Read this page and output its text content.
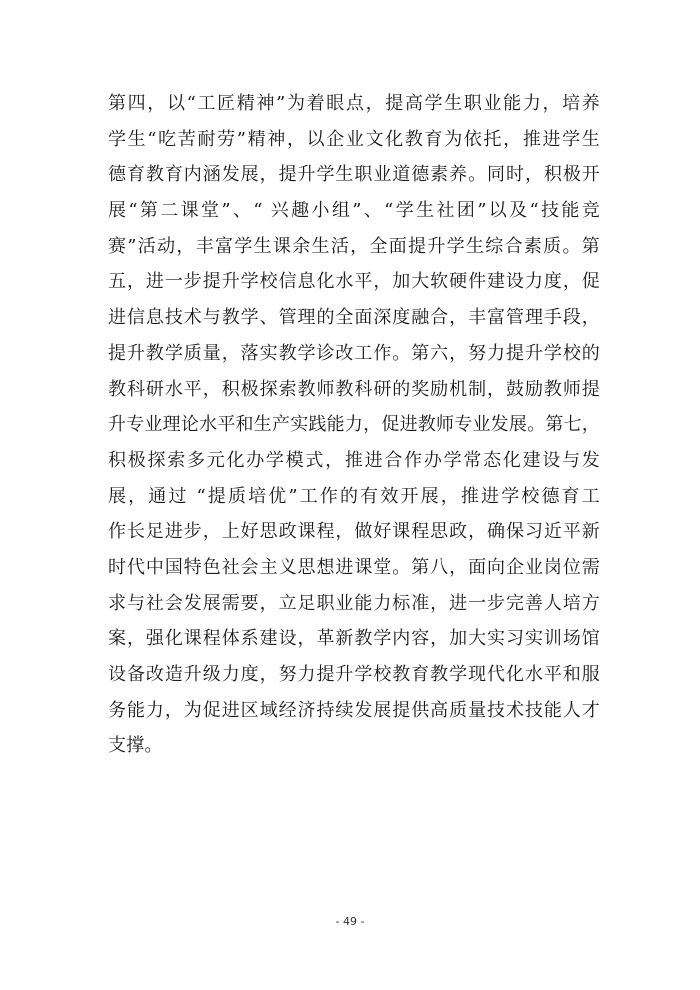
第四，以“工匠精神”为着眼点，提高学生职业能力，培养
学生“吃苦耐劳”精神，以企业文化教育为依托，推进学生
德育教育内涵发展，提升学生职业道德素养。同时，积极开
展“第二课堂”、“ 兴趣小组”、“学生社团”以及“技能竞
赛”活动，丰富学生课余生活，全面提升学生综合素质。第
五，进一步提升学校信息化水平，加大软硬件建设力度，促
进信息技术与教学、管理的全面深度融合，丰富管理手段，
提升教学质量，落实教学诊改工作。第六，努力提升学校的
教科研水平，积极探索教师教科研的奖励机制，鼓励教师提
升专业理论水平和生产实践能力，促进教师专业发展。第七，
积极探索多元化办学模式，推进合作办学常态化建设与发
展，通过 “提质培优”工作的有效开展，推进学校德育工
作长足进步，上好思政课程，做好课程思政，确保习近平新
时代中国特色社会主义思想进课堂。第八，面向企业岗位需
求与社会发展需要，立足职业能力标准，进一步完善人培方
案，强化课程体系建设，革新教学内容，加大实习实训场馆
设备改造升级力度，努力提升学校教育教学现代化水平和服
务能力，为促进区域经济持续发展提供高质量技术技能人才
支撑。
- 49 -
